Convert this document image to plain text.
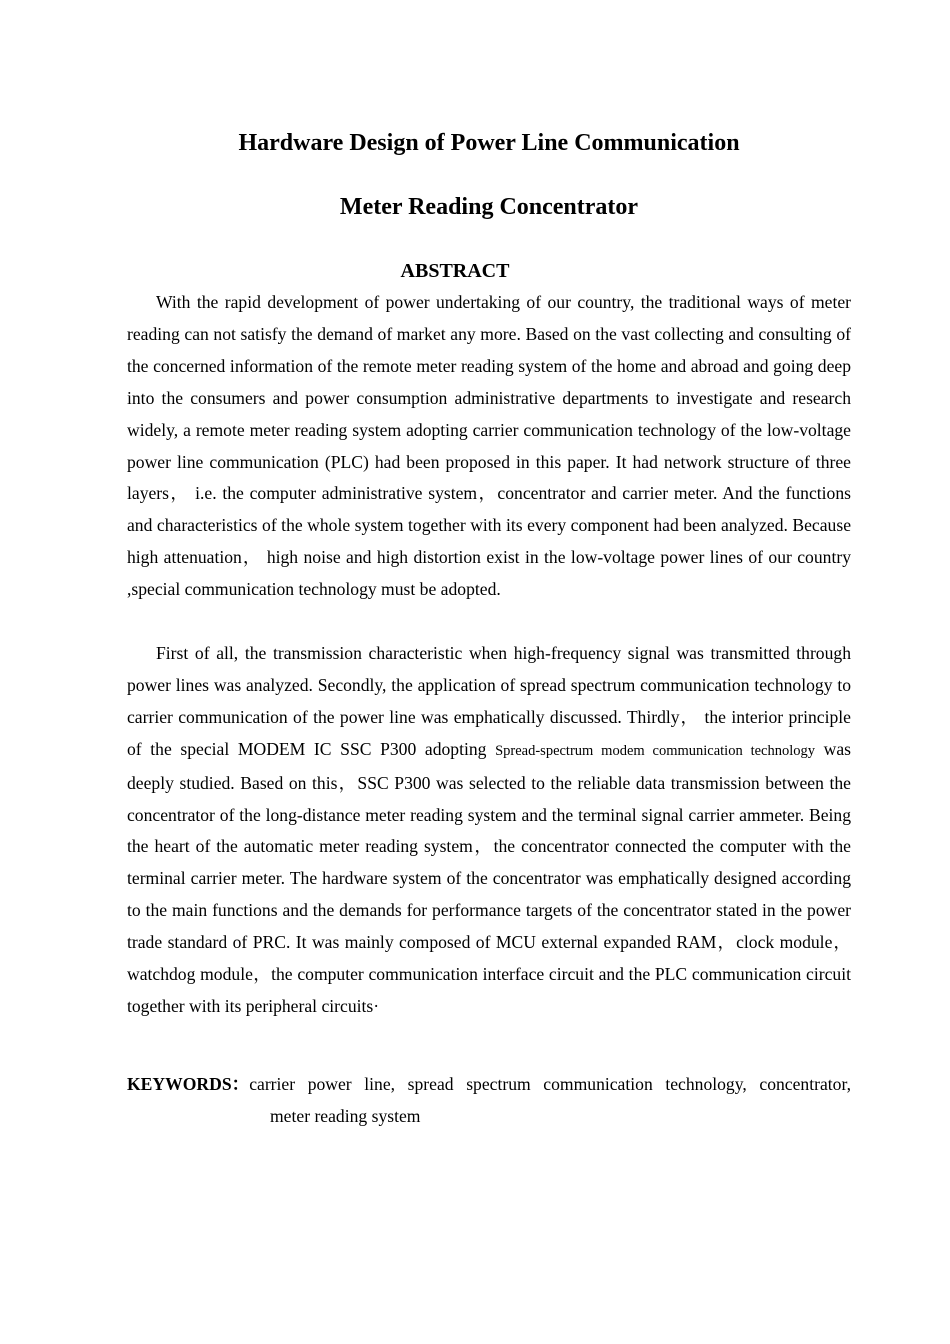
Hardware Design of Power Line Communication
Meter Reading Concentrator
ABSTRACT

With the rapid development of power undertaking of our country, the traditional ways of meter reading can not satisfy the demand of market any more. Based on the vast collecting and consulting of the concerned information of the remote meter reading system of the home and abroad and going deep into the consumers and power consumption administrative departments to investigate and research widely, a remote meter reading system adopting carrier communication technology of the low-voltage power line communication (PLC) had been proposed in this paper. It had network structure of three layers， i.e. the computer administrative system，concentrator and carrier meter. And the functions and characteristics of the whole system together with its every component had been analyzed. Because high attenuation， high noise and high distortion exist in the low-voltage power lines of our country ,special communication technology must be adopted.

First of all, the transmission characteristic when high-frequency signal was transmitted through power lines was analyzed. Secondly, the application of spread spectrum communication technology to carrier communication of the power line was emphatically discussed. Thirdly， the interior principle of the special MODEM IC SSC P300 adopting Spread-spectrum modem communication technology was deeply studied. Based on this，SSC P300 was selected to the reliable data transmission between the concentrator of the long-distance meter reading system and the terminal signal carrier ammeter. Being the heart of the automatic meter reading system，the concentrator connected the computer with the terminal carrier meter. The hardware system of the concentrator was emphatically designed according to the main functions and the demands for performance targets of the concentrator stated in the power trade standard of PRC. It was mainly composed of MCU external expanded RAM，clock module，watchdog module，the computer communication interface circuit and the PLC communication circuit together with its peripheral circuits·

KEYWORDS： carrier power line, spread spectrum communication technology, concentrator,
meter reading system
